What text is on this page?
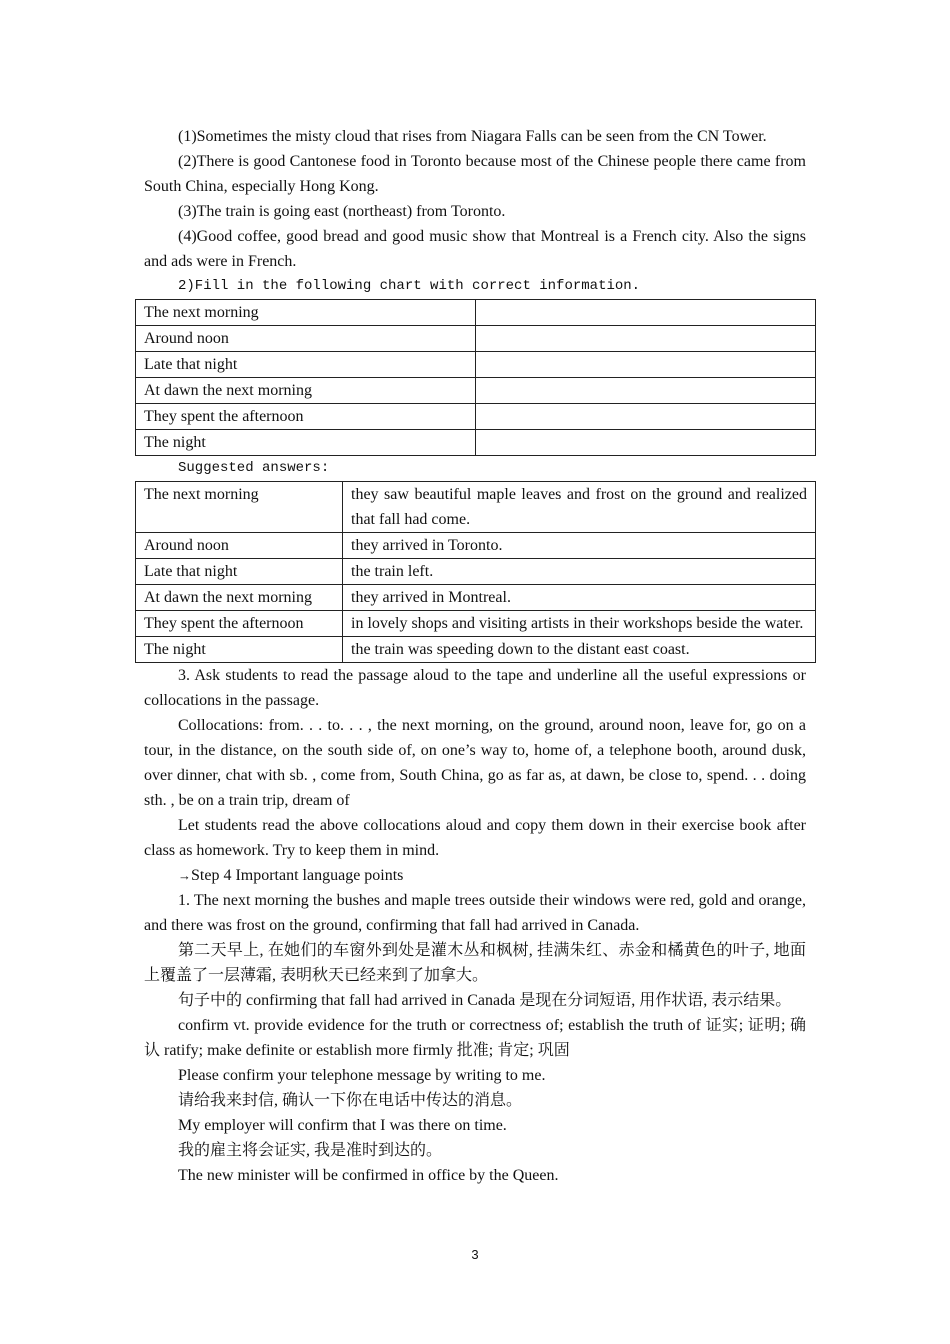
(1)Sometimes the misty cloud that rises from Niagara Falls can be seen from the CN Tower.

(2)There is good Cantonese food in Toronto because most of the Chinese people there came from South China, especially Hong Kong.

(3)The train is going east (northeast) from Toronto.

(4)Good coffee, good bread and good music show that Montreal is a French city. Also the signs and ads were in French.

2)Fill in the following chart with correct information.
The next morning	
Around noon	
Late that night	
At dawn the next morning	
They spent the afternoon	
The night	
Suggested answers:
The next morning	they saw beautiful maple leaves and frost on the ground and realized that fall had come.
Around noon	they arrived in Toronto.
Late that night	the train left.
At dawn the next morning	they arrived in Montreal.
They spent the afternoon	in lovely shops and visiting artists in their workshops beside the water.
The night	the train was speeding down to the distant east coast.

3. Ask students to read the passage aloud to the tape and underline all the useful expressions or collocations in the passage.

Collocations: from. . . to. . . , the next morning, on the ground, around noon, leave for, go on a tour, in the distance, on the south side of, on one’s way to, home of, a telephone booth, around dusk, over dinner, chat with sb. , come from, South China, go as far as, at dawn, be close to, spend. . . doing sth. , be on a train trip, dream of

Let students read the above collocations aloud and copy them down in their exercise book after class as homework. Try to keep them in mind.

→Step 4 Important language points

1. The next morning the bushes and maple trees outside their windows were red, gold and orange, and there was frost on the ground, confirming that fall had arrived in Canada.

第二天早上, 在她们的车窗外到处是灌木丛和枫树, 挂满朱红、赤金和橘黄色的叶子, 地面上覆盖了一层薄霜, 表明秋天已经来到了加拿大。

句子中的 confirming that fall had arrived in Canada 是现在分词短语, 用作状语, 表示结果。

confirm vt. provide evidence for the truth or correctness of; establish the truth of 证实; 证明; 确认 ratify; make definite or establish more firmly 批准; 肯定; 巩固

Please confirm your telephone message by writing to me.

请给我来封信, 确认一下你在电话中传达的消息。

My employer will confirm that I was there on time.

我的雇主将会证实, 我是准时到达的。

The new minister will be confirmed in office by the Queen.

3
